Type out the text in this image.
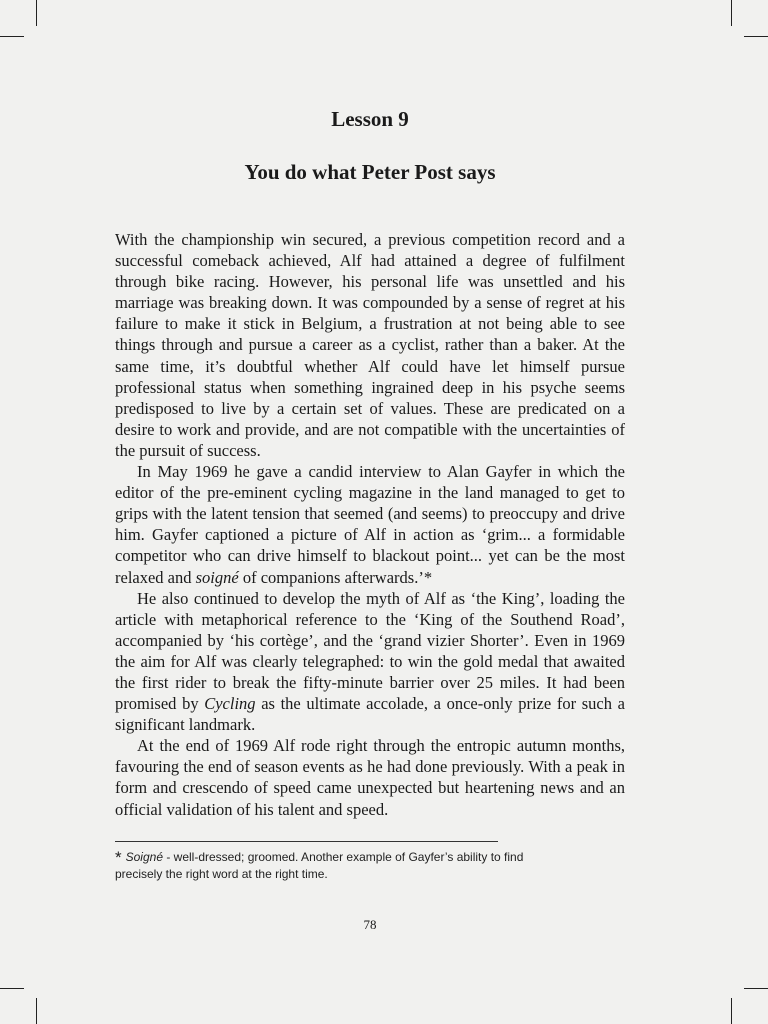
Lesson 9
You do what Peter Post says

With the championship win secured, a previous competition record and a successful comeback achieved, Alf had attained a degree of fulfilment through bike racing. However, his personal life was unsettled and his marriage was breaking down. It was compounded by a sense of regret at his failure to make it stick in Belgium, a frustration at not being able to see things through and pursue a career as a cyclist, rather than a baker. At the same time, it’s doubtful whether Alf could have let himself pursue professional status when something ingrained deep in his psyche seems predisposed to live by a certain set of values. These are predicated on a desire to work and provide, and are not compatible with the uncertainties of the pursuit of success.

In May 1969 he gave a candid interview to Alan Gayfer in which the editor of the pre-eminent cycling magazine in the land managed to get to grips with the latent tension that seemed (and seems) to preoccupy and drive him. Gayfer captioned a picture of Alf in action as ‘grim... a formidable competitor who can drive himself to blackout point... yet can be the most relaxed and soigné of companions afterwards.’*

He also continued to develop the myth of Alf as ‘the King’, loading the article with metaphorical reference to the ‘King of the Southend Road’, accompanied by ‘his cortège’, and the ‘grand vizier Shorter’. Even in 1969 the aim for Alf was clearly telegraphed: to win the gold medal that awaited the first rider to break the fifty-minute barrier over 25 miles. It had been promised by Cycling as the ultimate accolade, a once-only prize for such a significant landmark.

At the end of 1969 Alf rode right through the entropic autumn months, favouring the end of season events as he had done previously. With a peak in form and crescendo of speed came unexpected but heartening news and an official validation of his talent and speed.

* Soigné - well-dressed; groomed. Another example of Gayfer’s ability to find precisely the right word at the right time.
78
